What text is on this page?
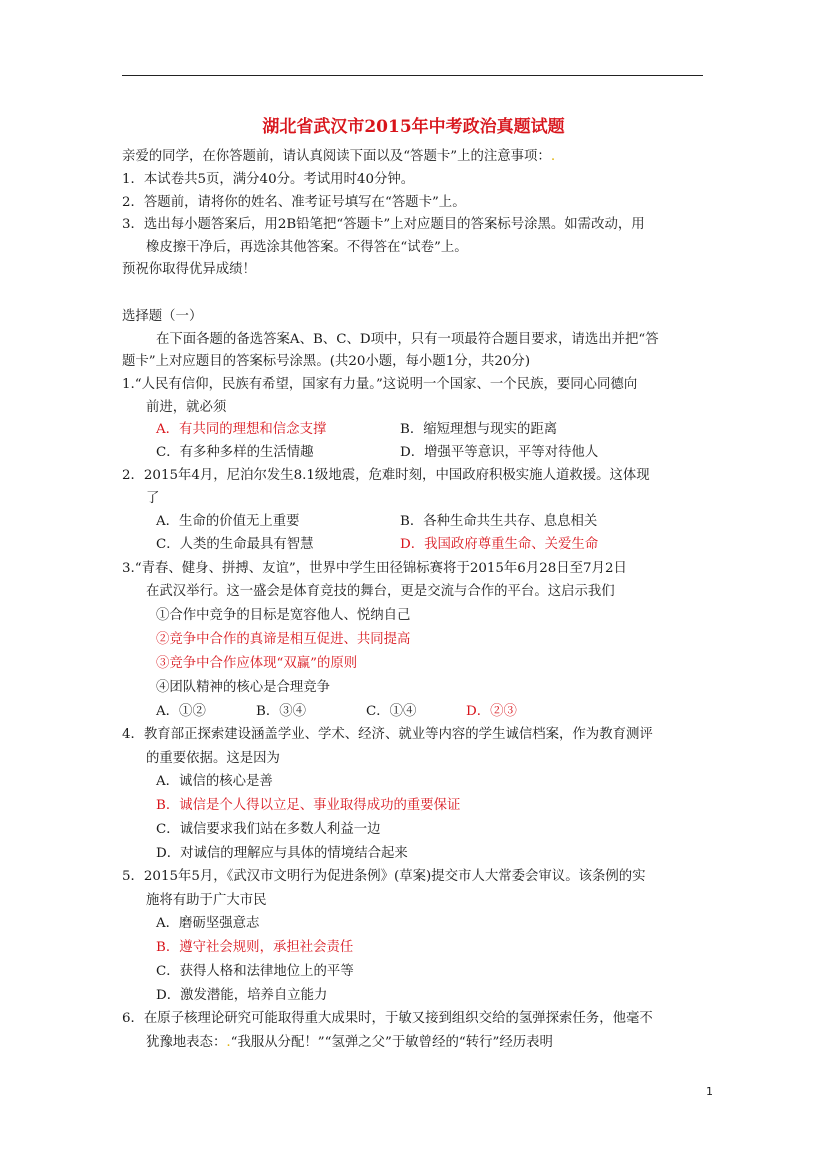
湖北省武汉市2015年中考政治真题试题
亲爱的同学，在你答题前，请认真阅读下面以及“答题卡”上的注意事项：.
1．本试卷共5页，满分40分。考试用时40分钟。
2．答题前，请将你的姓名、准考证号填写在“答题卡”上。
3．选出每小题答案后，用2B铅笔把“答题卡”上对应题目的答案标号涂黑。如需改动，用
橡皮擦干净后，再选涂其他答案。不得答在“试卷”上。
预祝你取得优异成绩！
选择题（一）
在下面各题的备选答案A、B、C、D项中，只有一项最符合题目要求，请选出并把“答
题卡”上对应题目的答案标号涂黑。(共20小题，每小题1分，共20分)
1.“人民有信仰，民族有希望，国家有力量。”这说明一个国家、一个民族，要同心同德向
前进，就必须
A．有共同的理想和信念支撑	B．缩短理想与现实的距离
C．有多种多样的生活情趣	D．增强平等意识，平等对待他人
2．2015年4月，尼泊尔发生8.1级地震，危难时刻，中国政府积极实施人道救援。这体现
了
A．生命的价值无上重要	B．各种生命共生共存、息息相关
C．人类的生命最具有智慧	D．我国政府尊重生命、关爱生命
3.“青春、健身、拼搏、友谊”，世界中学生田径锦标赛将于2015年6月28日至7月2日
在武汉举行。这一盛会是体育竞技的舞台，更是交流与合作的平台。这启示我们
①合作中竞争的目标是宽容他人、悦纳自己
②竞争中合作的真谛是相互促进、共同提高
③竞争中合作应体现“双赢”的原则
④团队精神的核心是合理竞争
A．①②	B．③④	C．①④	D．②③
4．教育部正探索建设涵盖学业、学术、经济、就业等内容的学生诚信档案，作为教育测评
的重要依据。这是因为
A．诚信的核心是善
B．诚信是个人得以立足、事业取得成功的重要保证
C．诚信要求我们站在多数人利益一边
D．对诚信的理解应与具体的情境结合起来
5．2015年5月，《武汉市文明行为促进条例》(草案)提交市人大常委会审议。该条例的实
施将有助于广大市民
A．磨砺坚强意志
B．遵守社会规则，承担社会责任
C．获得人格和法律地位上的平等
D．激发潜能，培养自立能力
6．在原子核理论研究可能取得重大成果时，于敏又接到组织交给的氢弹探索任务，他毫不
犹豫地表态：.“我服从分配！”“氢弹之父”于敏曾经的“转行”经历表明
1
